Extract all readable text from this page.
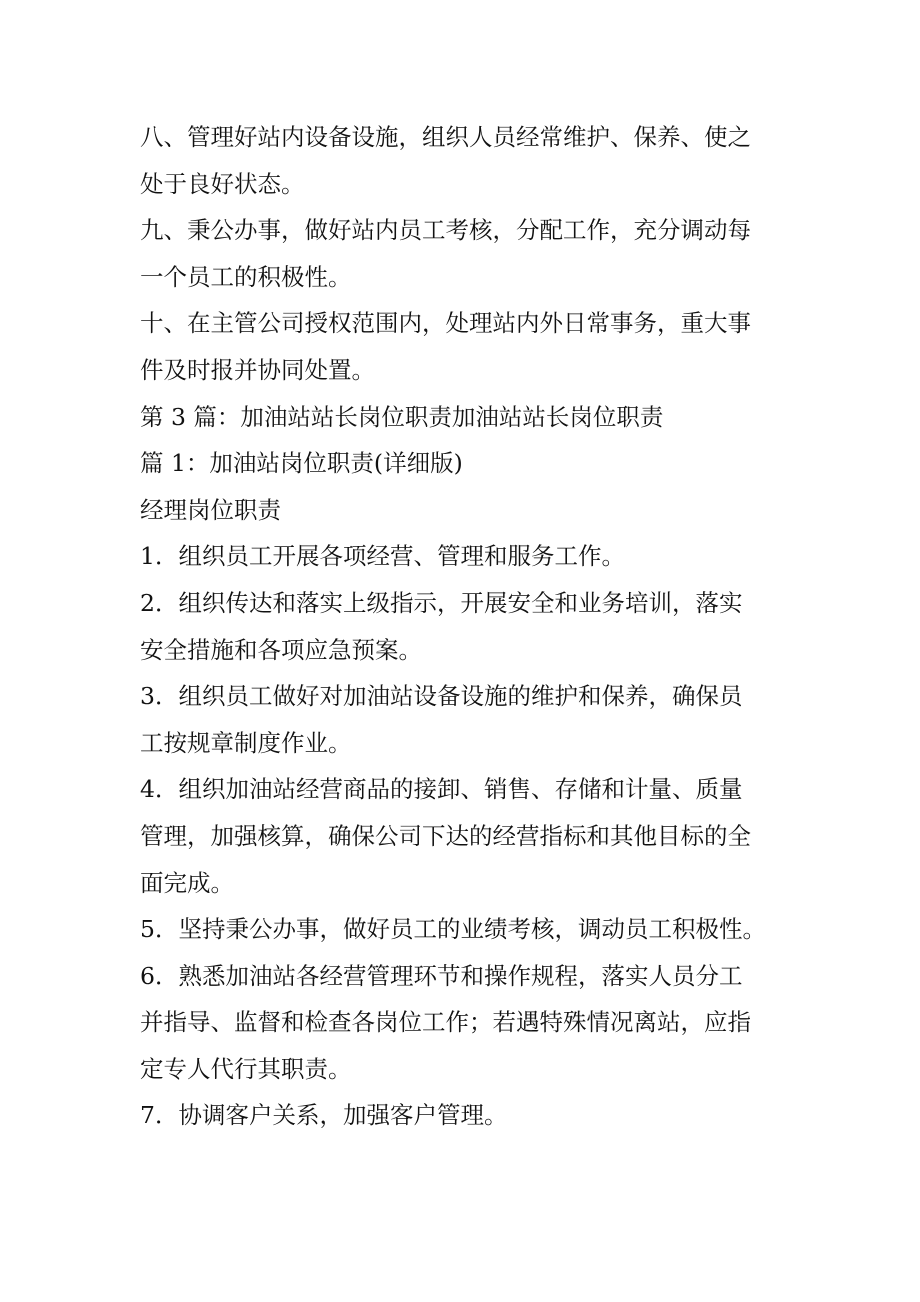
八、管理好站内设备设施，组织人员经常维护、保养、使之

处于良好状态。

九、秉公办事，做好站内员工考核，分配工作，充分调动每

一个员工的积极性。

十、在主管公司授权范围内，处理站内外日常事务，重大事

件及时报并协同处置。

第 3 篇：加油站站长岗位职责加油站站长岗位职责

篇 1：加油站岗位职责(详细版)

经理岗位职责

1．组织员工开展各项经营、管理和服务工作。

2．组织传达和落实上级指示，开展安全和业务培训，落实

安全措施和各项应急预案。

3．组织员工做好对加油站设备设施的维护和保养，确保员

工按规章制度作业。

4．组织加油站经营商品的接卸、销售、存储和计量、质量

管理，加强核算，确保公司下达的经营指标和其他目标的全

面完成。

5．坚持秉公办事，做好员工的业绩考核，调动员工积极性。

6．熟悉加油站各经营管理环节和操作规程，落实人员分工

并指导、监督和检查各岗位工作；若遇特殊情况离站，应指

定专人代行其职责。

7．协调客户关系，加强客户管理。
